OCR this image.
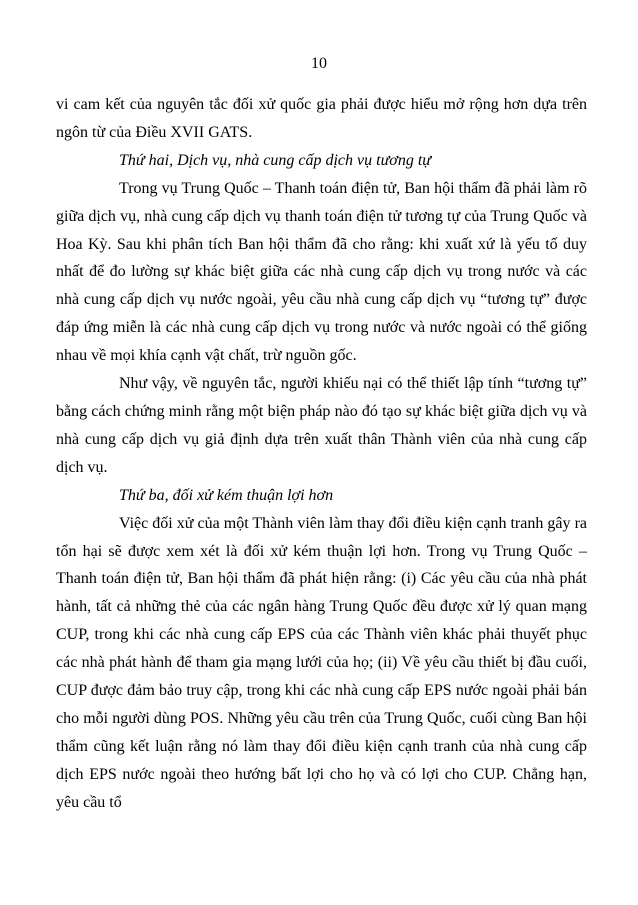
10

vi cam kết của nguyên tắc đối xử quốc gia phải được hiểu mở rộng hơn dựa trên ngôn từ của Điều XVII GATS.

Thứ hai, Dịch vụ, nhà cung cấp dịch vụ tương tự

Trong vụ Trung Quốc – Thanh toán điện tử, Ban hội thẩm đã phải làm rõ giữa dịch vụ, nhà cung cấp dịch vụ thanh toán điện tử tương tự của Trung Quốc và Hoa Kỳ. Sau khi phân tích Ban hội thẩm đã cho rằng: khi xuất xứ là yếu tố duy nhất để đo lường sự khác biệt giữa các nhà cung cấp dịch vụ trong nước và các nhà cung cấp dịch vụ nước ngoài, yêu cầu nhà cung cấp dịch vụ “tương tự” được đáp ứng miễn là các nhà cung cấp dịch vụ trong nước và nước ngoài có thể giống nhau về mọi khía cạnh vật chất, trừ nguồn gốc.

Như vậy, về nguyên tắc, người khiếu nại có thể thiết lập tính “tương tự” bằng cách chứng minh rằng một biện pháp nào đó tạo sự khác biệt giữa dịch vụ và nhà cung cấp dịch vụ giả định dựa trên xuất thân Thành viên của nhà cung cấp dịch vụ.

Thứ ba, đối xử kém thuận lợi hơn

Việc đối xử của một Thành viên làm thay đổi điều kiện cạnh tranh gây ra tổn hại sẽ được xem xét là đối xử kém thuận lợi hơn. Trong vụ Trung Quốc – Thanh toán điện tử, Ban hội thẩm đã phát hiện rằng: (i) Các yêu cầu của nhà phát hành, tất cả những thẻ của các ngân hàng Trung Quốc đều được xử lý quan mạng CUP, trong khi các nhà cung cấp EPS của các Thành viên khác phải thuyết phục các nhà phát hành để tham gia mạng lưới của họ; (ii) Về yêu cầu thiết bị đầu cuối, CUP được đảm bảo truy cập, trong khi các nhà cung cấp EPS nước ngoài phải bán cho mỗi người dùng POS. Những yêu cầu trên của Trung Quốc, cuối cùng Ban hội thẩm cũng kết luận rằng nó làm thay đổi điều kiện cạnh tranh của nhà cung cấp dịch EPS nước ngoài theo hướng bất lợi cho họ và có lợi cho CUP. Chẳng hạn, yêu cầu tổ
